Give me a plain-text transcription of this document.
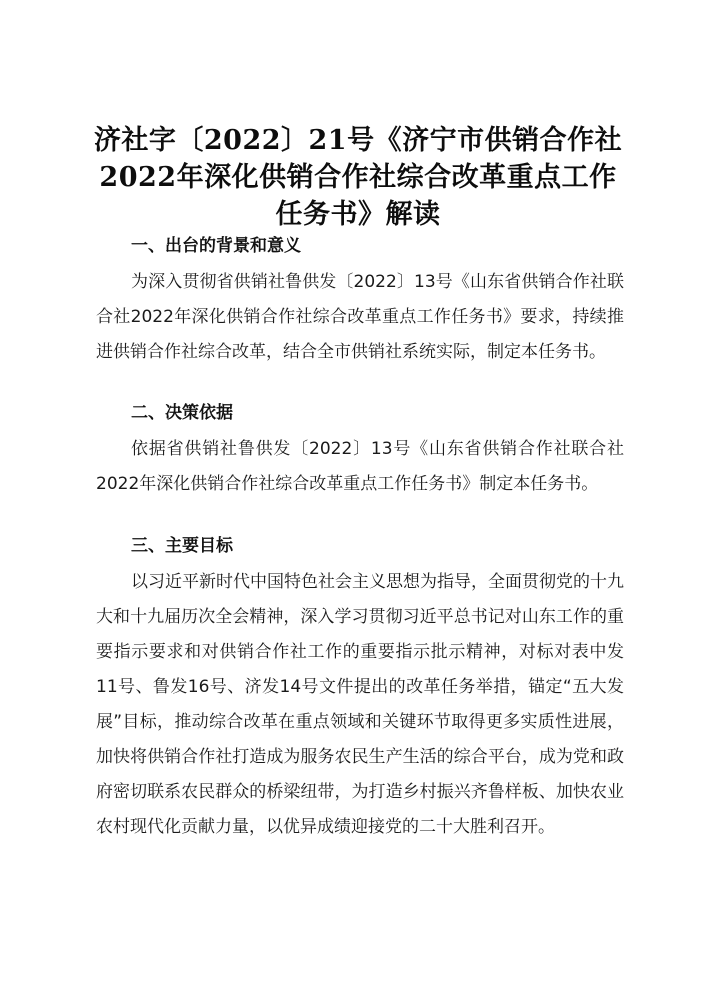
济社字〔2022〕21号《济宁市供销合作社 2022年深化供销合作社综合改革重点工作任务书》解读
一、出台的背景和意义

为深入贯彻省供销社鲁供发〔2022〕13号《山东省供销合作社联合社2022年深化供销合作社综合改革重点工作任务书》要求，持续推进供销合作社综合改革，结合全市供销社系统实际，制定本任务书。

二、决策依据

依据省供销社鲁供发〔2022〕13号《山东省供销合作社联合社2022年深化供销合作社综合改革重点工作任务书》制定本任务书。

三、主要目标

以习近平新时代中国特色社会主义思想为指导，全面贯彻党的十九大和十九届历次全会精神，深入学习贯彻习近平总书记对山东工作的重要指示要求和对供销合作社工作的重要指示批示精神，对标对表中发11号、鲁发16号、济发14号文件提出的改革任务举措，锚定“五大发展”目标，推动综合改革在重点领域和关键环节取得更多实质性进展，加快将供销合作社打造成为服务农民生产生活的综合平台，成为党和政府密切联系农民群众的桥梁纽带，为打造乡村振兴齐鲁样板、加快农业农村现代化贡献力量，以优异成绩迎接党的二十大胜利召开。
